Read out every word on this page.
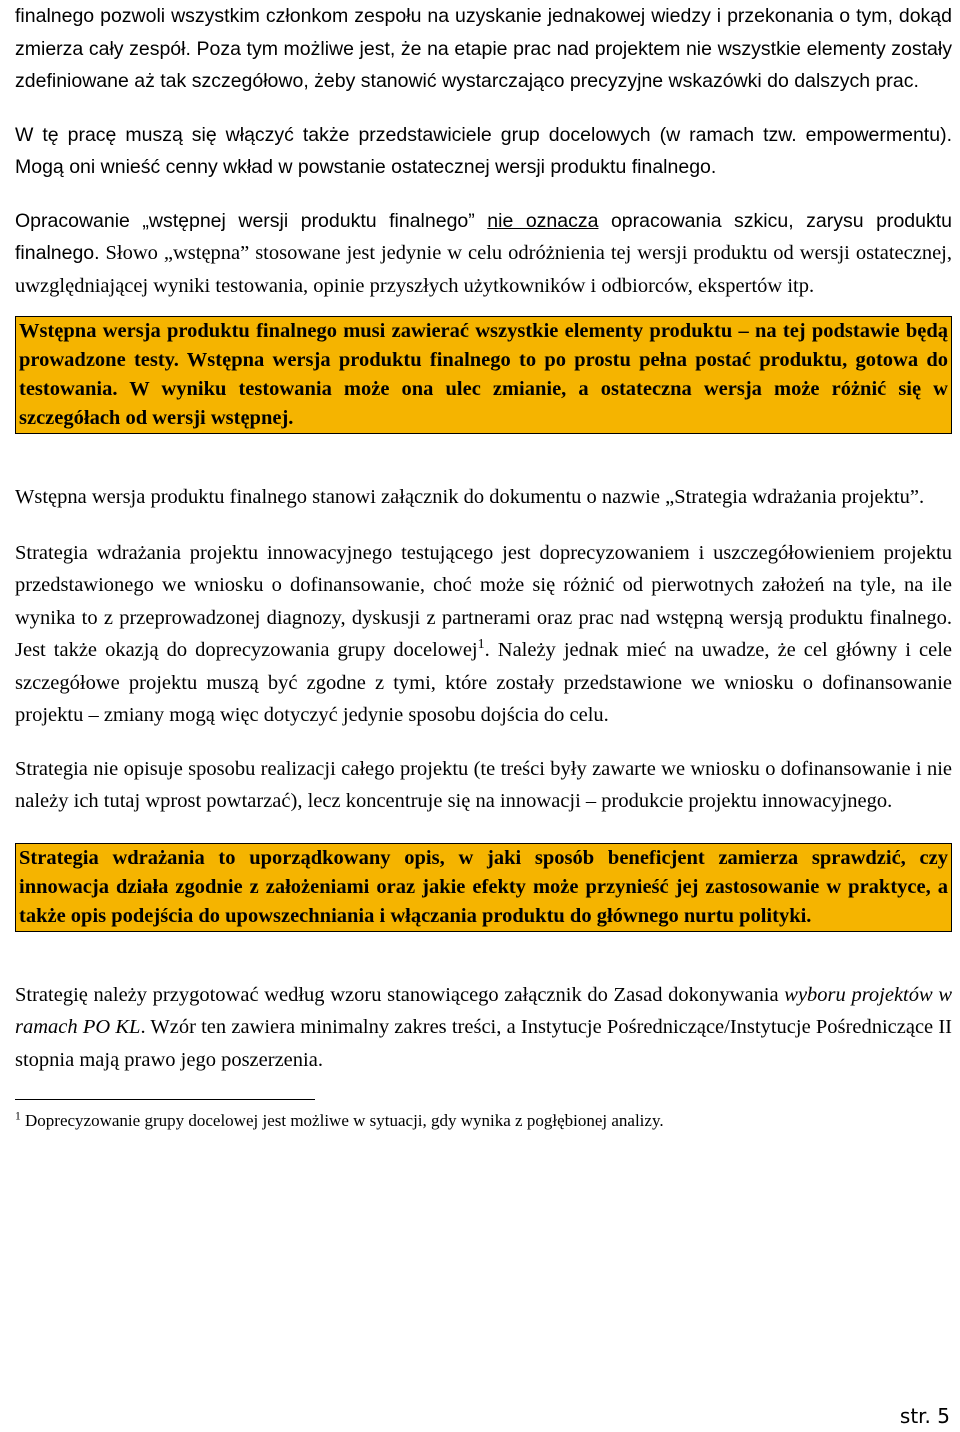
finalnego pozwoli wszystkim członkom zespołu na uzyskanie jednakowej wiedzy i przekonania o tym, dokąd zmierza cały zespół. Poza tym możliwe jest, że na etapie prac nad projektem nie wszystkie elementy zostały zdefiniowane aż tak szczegółowo, żeby stanowić wystarczająco precyzyjne wskazówki do dalszych prac.

W tę pracę muszą się włączyć także przedstawiciele grup docelowych (w ramach tzw. empowermentu). Mogą oni wnieść cenny wkład w powstanie ostatecznej wersji produktu finalnego.

Opracowanie „wstępnej wersji produktu finalnego” nie oznacza opracowania szkicu, zarysu produktu finalnego. Słowo „wstępna” stosowane jest jedynie w celu odróżnienia tej wersji produktu od wersji ostatecznej, uwzględniającej wyniki testowania, opinie przyszłych użytkowników i odbiorców, ekspertów itp.

Wstępna wersja produktu finalnego musi zawierać wszystkie elementy produktu – na tej podstawie będą prowadzone testy. Wstępna wersja produktu finalnego to po prostu pełna postać produktu, gotowa do testowania. W wyniku testowania może ona ulec zmianie, a ostateczna wersja może różnić się w szczegółach od wersji wstępnej.

Wstępna wersja produktu finalnego stanowi załącznik do dokumentu o nazwie „Strategia wdrażania projektu”.

Strategia wdrażania projektu innowacyjnego testującego jest doprecyzowaniem i uszczegółowieniem projektu przedstawionego we wniosku o dofinansowanie, choć może się różnić od pierwotnych założeń na tyle, na ile wynika to z przeprowadzonej diagnozy, dyskusji z partnerami oraz prac nad wstępną wersją produktu finalnego. Jest także okazją do doprecyzowania grupy docelowej$^1$. Należy jednak mieć na uwadze, że cel główny i cele szczegółowe projektu muszą być zgodne z tymi, które zostały przedstawione we wniosku o dofinansowanie projektu – zmiany mogą więc dotyczyć jedynie sposobu dojścia do celu.

Strategia nie opisuje sposobu realizacji całego projektu (te treści były zawarte we wniosku o dofinansowanie i nie należy ich tutaj wprost powtarzać), lecz koncentruje się na innowacji – produkcie projektu innowacyjnego.

Strategia wdrażania to uporządkowany opis, w jaki sposób beneficjent zamierza sprawdzić, czy innowacja działa zgodnie z założeniami oraz jakie efekty może przynieść jej zastosowanie w praktyce, a także opis podejścia do upowszechniania i włączania produktu do głównego nurtu polityki.

Strategię należy przygotować według wzoru stanowiącego załącznik do Zasad dokonywania wyboru projektów w ramach PO KL. Wzór ten zawiera minimalny zakres treści, a Instytucje Pośredniczące/Instytucje Pośredniczące II stopnia mają prawo jego poszerzenia.

$^1$ Doprecyzowanie grupy docelowej jest możliwe w sytuacji, gdy wynika z pogłębionej analizy.
str. 5
